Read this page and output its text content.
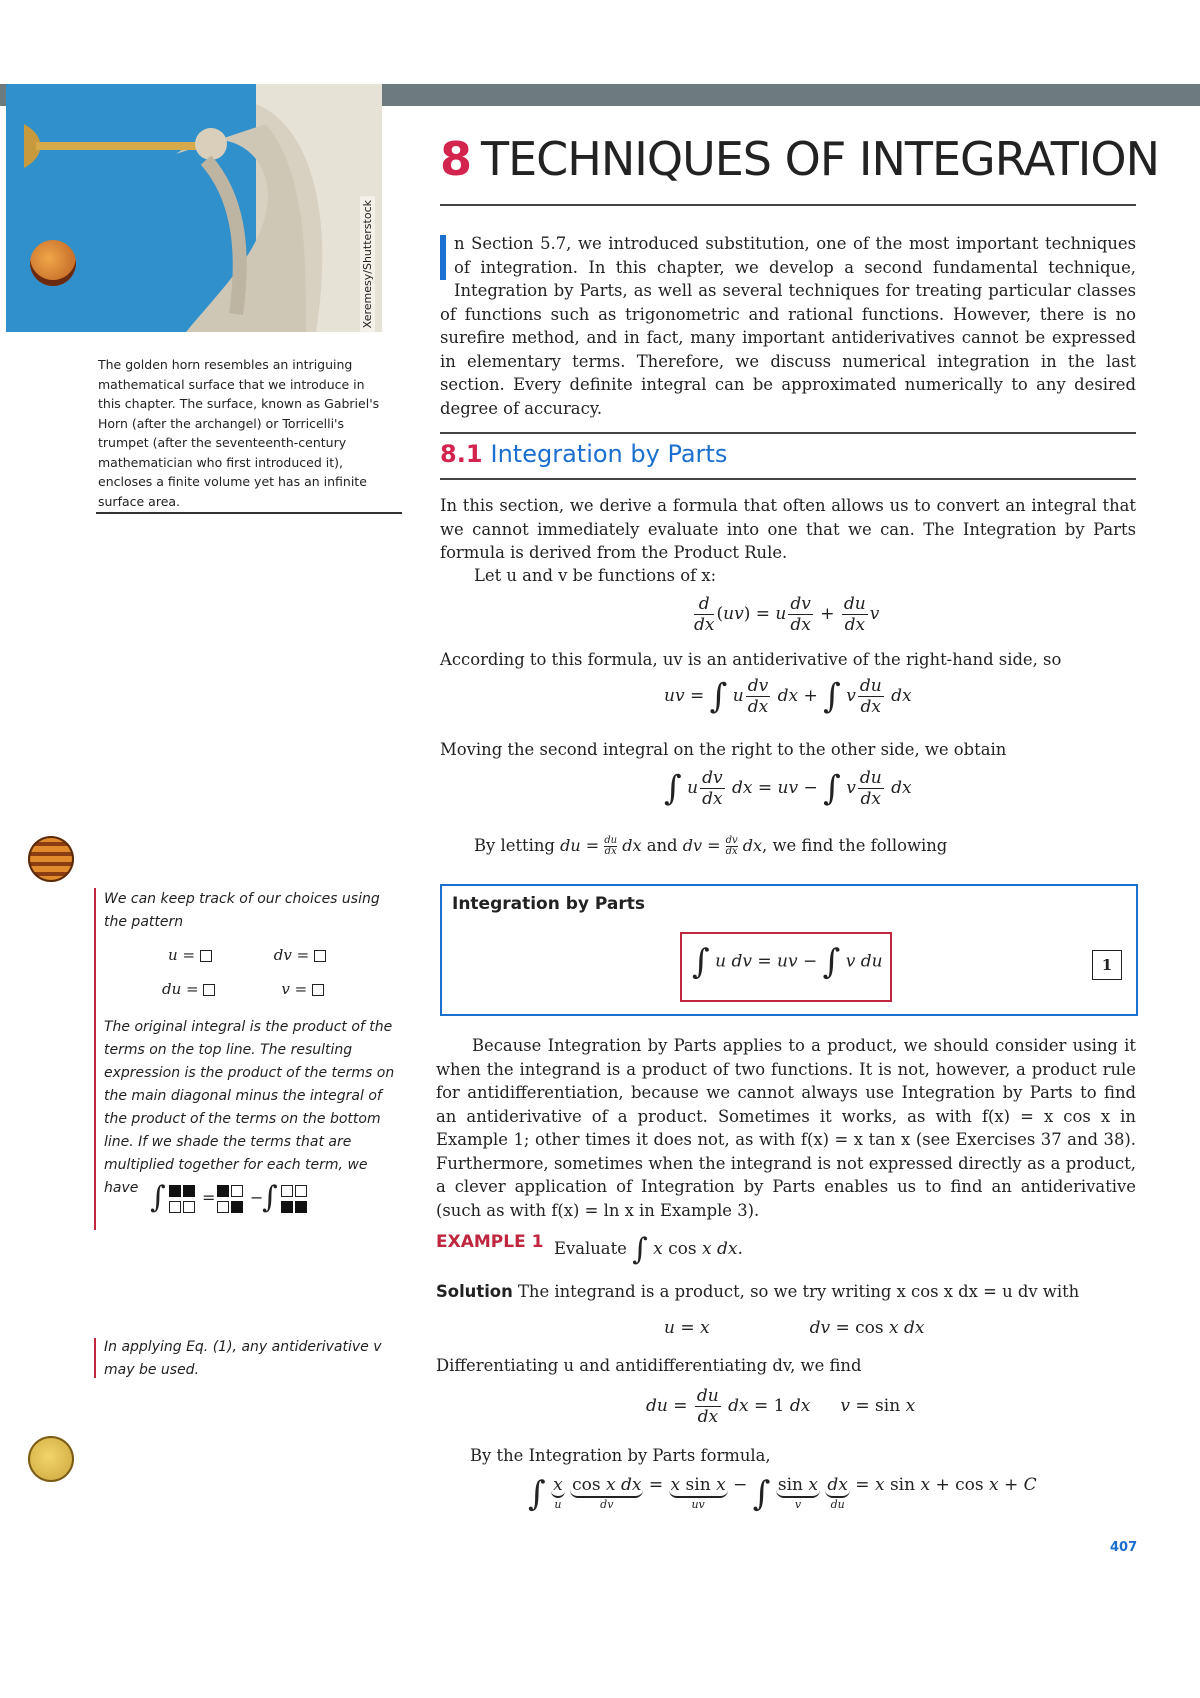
Xeremesy/Shutterstock
The golden horn resembles an intriguing mathematical surface that we introduce in this chapter. The surface, known as Gabriel's Horn (after the archangel) or Torricelli's trumpet (after the seventeenth-century mathematician who first introduced it), encloses a finite volume yet has an infinite surface area.
8 TECHNIQUES OF INTEGRATION
n Section 5.7, we introduced substitution, one of the most important techniques of integration. In this chapter, we develop a second fundamental technique, Integration by Parts, as well as several techniques for treating particular classes of functions such as trigonometric and rational functions. However, there is no surefire method, and in fact, many important antiderivatives cannot be expressed in elementary terms. Therefore, we discuss numerical integration in the last section. Every definite integral can be approximated numerically to any desired degree of accuracy.
8.1 Integration by Parts
In this section, we derive a formula that often allows us to convert an integral that we cannot immediately evaluate into one that we can. The Integration by Parts formula is derived from the Product Rule.
Let u and v be functions of x:
$\frac{d}{dx} (uv) = u \frac{dv}{dx} + \frac{du}{dx}$ v
According to this formula, uv is an antiderivative of the right-hand side, so
uv = ∫ u $\frac{dv}{dx}$ dx + ∫ v $\frac{du}{dx}$ dx
Moving the second integral on the right to the other side, we obtain
∫ u $\frac{dv}{dx}$ dx = uv − ∫ v $\frac{du}{dx}$ dx
By letting du = $\frac{du}{dx}$ dx and dv = $\frac{dv}{dx}$ dx, we find the following
Integration by Parts
∫ u dv = uv − ∫ v du	1
We can keep track of our choices using the pattern
u =	dv =
du =	v =
The original integral is the product of the terms on the top line. The resulting expression is the product of the terms on the main diagonal minus the integral of the product of the terms on the bottom line. If we shade the terms that are multiplied together for each term, we have ∫ = −
∫

Because Integration by Parts applies to a product, we should consider using it when the integrand is a product of two functions. It is not, however, a product rule for antidifferentiation, because we cannot always use Integration by Parts to find an antiderivative of a product. Sometimes it works, as with f(x) = x cos x in Example 1; other times it does not, as with f(x) = x tan x (see Exercises 37 and 38). Furthermore, sometimes when the integrand is not expressed directly as a product, a clever application of Integration by Parts enables us to find an antiderivative (such as with f(x) = ln x in Example 3).
In applying Eq. (1), any antiderivative v may be used.
EXAMPLE 1 Evaluate ∫ x cos x dx.
Solution The integrand is a product, so we try writing x cos x dx = u dv with
u = x	dv = cos x dx
Differentiating u and antidifferentiating dv, we find
du = $\frac{du}{dx}$ dx = 1 dx v = sin x
By the Integration by Parts formula,
∫ x
u

cos x dx
dv
= x sin x
uv
− ∫ sin x
v

dx
du
= x sin x + cos x + C
407
